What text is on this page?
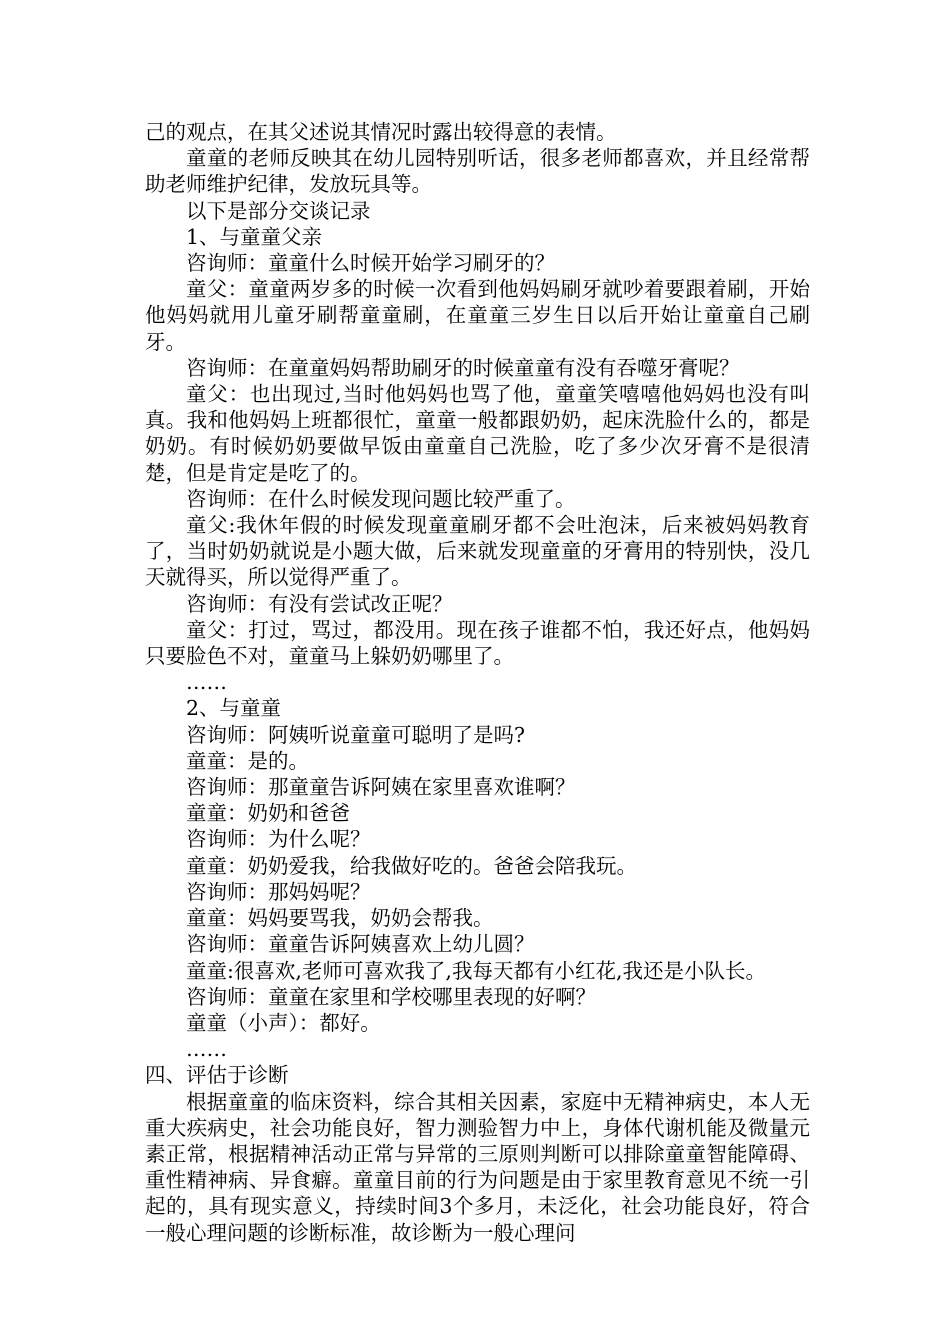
己的观点，在其父述说其情况时露出较得意的表情。

童童的老师反映其在幼儿园特别听话，很多老师都喜欢，并且经常帮助老师维护纪律，发放玩具等。

以下是部分交谈记录

1、与童童父亲

咨询师：童童什么时候开始学习刷牙的？

童父：童童两岁多的时候一次看到他妈妈刷牙就吵着要跟着刷，开始他妈妈就用儿童牙刷帮童童刷，在童童三岁生日以后开始让童童自己刷牙。

咨询师：在童童妈妈帮助刷牙的时候童童有没有吞噬牙膏呢？

童父：也出现过,当时他妈妈也骂了他，童童笑嘻嘻他妈妈也没有叫真。我和他妈妈上班都很忙，童童一般都跟奶奶，起床洗脸什么的，都是奶奶。有时候奶奶要做早饭由童童自己洗脸，吃了多少次牙膏不是很清楚，但是肯定是吃了的。

咨询师：在什么时候发现问题比较严重了。

童父:我休年假的时候发现童童刷牙都不会吐泡沫，后来被妈妈教育了，当时奶奶就说是小题大做，后来就发现童童的牙膏用的特别快，没几天就得买，所以觉得严重了。

咨询师：有没有尝试改正呢？

童父：打过，骂过，都没用。现在孩子谁都不怕，我还好点，他妈妈只要脸色不对，童童马上躲奶奶哪里了。

……

2、与童童

咨询师：阿姨听说童童可聪明了是吗?

童童：是的。

咨询师：那童童告诉阿姨在家里喜欢谁啊？

童童：奶奶和爸爸

咨询师：为什么呢？

童童：奶奶爱我，给我做好吃的。爸爸会陪我玩。

咨询师：那妈妈呢？

童童：妈妈要骂我，奶奶会帮我。

咨询师：童童告诉阿姨喜欢上幼儿圆？

童童:很喜欢,老师可喜欢我了,我每天都有小红花,我还是小队长。

咨询师：童童在家里和学校哪里表现的好啊？

童童（小声）：都好。

……

四、评估于诊断

根据童童的临床资料，综合其相关因素，家庭中无精神病史，本人无重大疾病史，社会功能良好，智力测验智力中上，身体代谢机能及微量元素正常，根据精神活动正常与异常的三原则判断可以排除童童智能障碍、重性精神病、异食癖。童童目前的行为问题是由于家里教育意见不统一引起的，具有现实意义，持续时间3个多月，未泛化，社会功能良好，符合一般心理问题的诊断标准，故诊断为一般心理问
